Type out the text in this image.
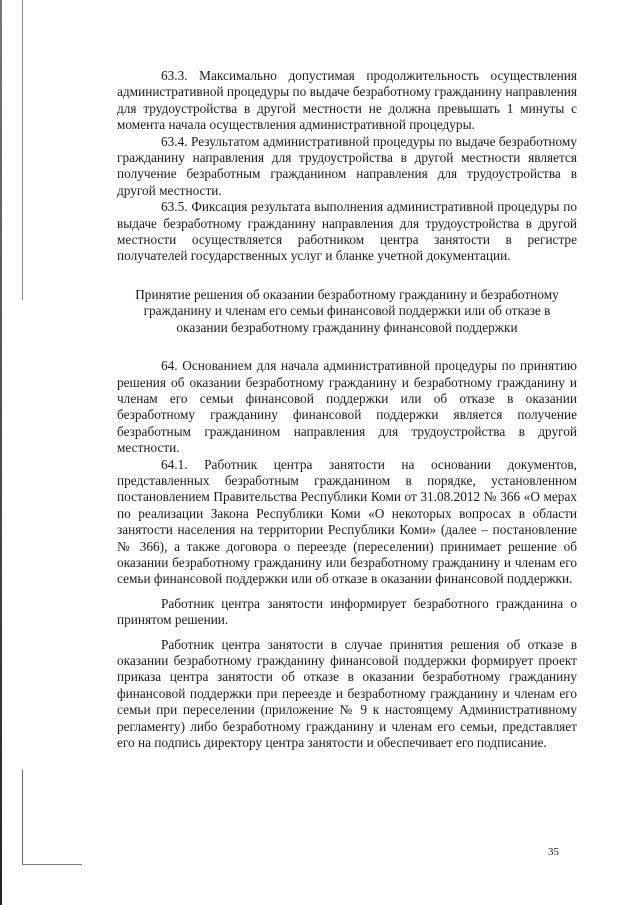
63.3. Максимально допустимая продолжительность осуществления административной процедуры по выдаче безработному гражданину направления для трудоустройства в другой местности не должна превышать 1 минуты с момента начала осуществления административной процедуры.

63.4. Результатом административной процедуры по выдаче безработному гражданину направления для трудоустройства в другой местности является получение безработным гражданином направления для трудоустройства в другой местности.

63.5. Фиксация результата выполнения административной процедуры по выдаче безработному гражданину направления для трудоустройства в другой местности осуществляется работником центра занятости в регистре получателей государственных услуг и бланке учетной документации.

Принятие решения об оказании безработному гражданину и безработному гражданину и членам его семьи финансовой поддержки или об отказе в оказании безработному гражданину финансовой поддержки

64. Основанием для начала административной процедуры по принятию решения об оказании безработному гражданину и безработному гражданину и членам его семьи финансовой поддержки или об отказе в оказании безработному гражданину финансовой поддержки является получение безработным гражданином направления для трудоустройства в другой местности.

64.1. Работник центра занятости на основании документов, представленных безработным гражданином в порядке, установленном постановлением Правительства Республики Коми от 31.08.2012 № 366 «О мерах по реализации Закона Республики Коми «О некоторых вопросах в области занятости населения на территории Республики Коми» (далее – постановление № 366), а также договора о переезде (переселении) принимает решение об оказании безработному гражданину или безработному гражданину и членам его семьи финансовой поддержки или об отказе в оказании финансовой поддержки.

Работник центра занятости информирует безработного гражданина о принятом решении.

Работник центра занятости в случае принятия решения об отказе в оказании безработному гражданину финансовой поддержки формирует проект приказа центра занятости об отказе в оказании безработному гражданину финансовой поддержки при переезде и безработному гражданину и членам его семьи при переселении (приложение № 9 к настоящему Административному регламенту) либо безработному гражданину и членам его семьи, представляет его на подпись директору центра занятости и обеспечивает его подписание.

35
